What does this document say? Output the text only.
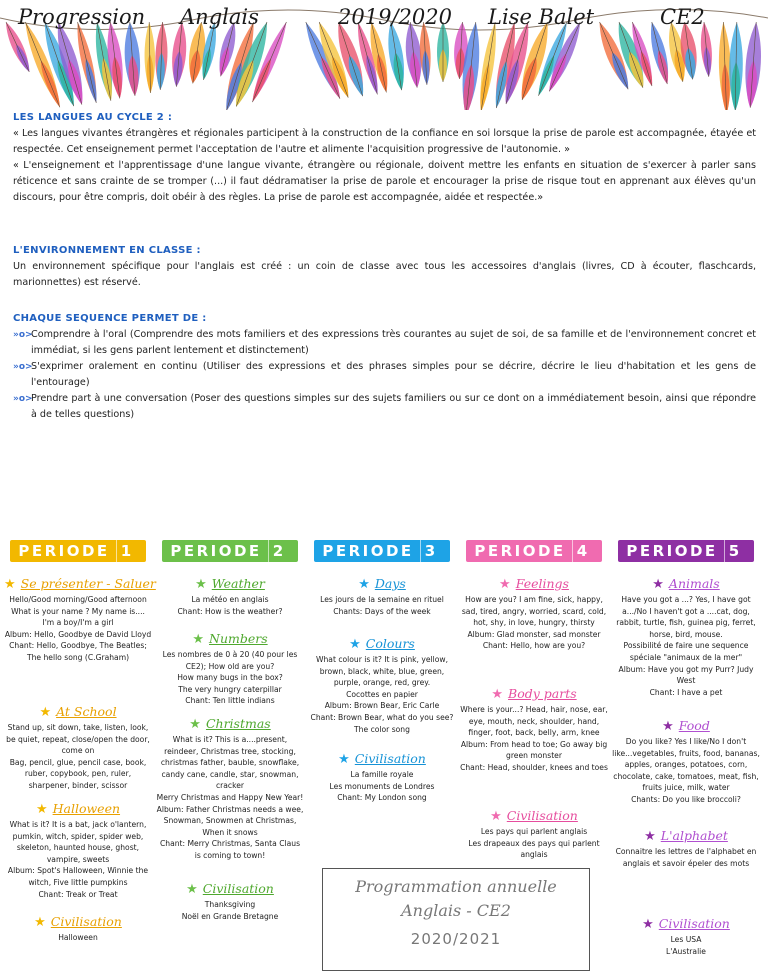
Progression Anglais	2019/2020 Lise Balet	CE2
LES LANGUES AU CYCLE 2 :

« Les langues vivantes étrangères et régionales participent à la construction de la confiance en soi lorsque la prise de parole est accompagnée, étayée et respectée. Cet enseignement permet l'acceptation de l'autre et alimente l'acquisition progressive de l'autonomie. »

« L'enseignement et l'apprentissage d'une langue vivante, étrangère ou régionale, doivent mettre les enfants en situation de s'exercer à parler sans réticence et sans crainte de se tromper (...) il faut dédramatiser la prise de parole et encourager la prise de risque tout en apprenant aux élèves qu'un discours, pour être compris, doit obéir à des règles. La prise de parole est accompagnée, aidée et respectée.»

L'ENVIRONNEMENT EN CLASSE :

Un environnement spécifique pour l'anglais est créé : un coin de classe avec tous les accessoires d'anglais (livres, CD à écouter, flaschcards, marionnettes) est réservé.

CHAQUE SEQUENCE PERMET DE :
»o>
Comprendre à l'oral (Comprendre des mots familiers et des expressions très courantes au sujet de soi, de sa famille et de l'environnement concret et immédiat, si les gens parlent lentement et distinctement)
»o>
S'exprimer oralement en continu (Utiliser des expressions et des phrases simples pour se décrire, décrire le lieu d'habitation et les gens de l'entourage)
»o>
Prendre part à une conversation (Poser des questions simples sur des sujets familiers ou sur ce dont on a immédiatement besoin, ainsi que répondre à de telles questions)
PERIODE 1
★ Se présenter - Saluer
Hello/Good morning/Good afternoon
What is your name ? My name is....
I'm a boy/I'm a girl
Album: Hello, Goodbye de David Lloyd
Chant: Hello, Goodbye, The Beatles; The hello song (C.Graham)
★ At School
Stand up, sit down, take, listen, look, be quiet, repeat, close/open the door, come on
Bag, pencil, glue, pencil case, book, ruber, copybook, pen, ruler, sharpener, binder, scissor
★ Halloween
What is it? It is a bat, jack o'lantern, pumkin, witch, spider, spider web, skeleton, haunted house, ghost, vampire, sweets
Album: Spot's Halloween, Winnie the witch, Five little pumpkins
Chant: Treak or Treat
★ Civilisation
Halloween
PERIODE 2
★ Weather
La météo en anglais
Chant: How is the weather?
★ Numbers
Les nombres de 0 à 20 (40 pour les CE2); How old are you?
How many bugs in the box?
The very hungry caterpillar
Chant: Ten little indians
★ Christmas
What is it? This is a....present, reindeer, Christmas tree, stocking, christmas father, bauble, snowflake, candy cane, candle, star, snowman, cracker
Merry Christmas and Happy New Year!
Album: Father Christmas needs a wee, Snowman, Snowmen at Christmas, When it snows
Chant: Merry Christmas, Santa Claus is coming to town!
★ Civilisation
Thanksgiving
Noël en Grande Bretagne
PERIODE 3
★ Days
Les jours de la semaine en rituel
Chants: Days of the week
★ Colours
What colour is it? It is pink, yellow, brown, black, white, blue, green, purple, orange, red, grey.
Cocottes en papier
Album: Brown Bear, Eric Carle
Chant: Brown Bear, what do you see? The color song
★ Civilisation
La famille royale
Les monuments de Londres
Chant: My London song
PERIODE 4
★ Feelings
How are you? I am fine, sick, happy, sad, tired, angry, worried, scard, cold, hot, shy, in love, hungry, thirsty
Album: Glad monster, sad monster
Chant: Hello, how are you?
★ Body parts
Where is your...? Head, hair, nose, ear, eye, mouth, neck, shoulder, hand, finger, foot, back, belly, arm, knee
Album: From head to toe; Go away big green monster
Chant: Head, shoulder, knees and toes
★ Civilisation
Les pays qui parlent anglais
Les drapeaux des pays qui parlent anglais
PERIODE 5
★ Animals
Have you got a ...? Yes, I have got a.../No I haven't got a ....cat, dog, rabbit, turtle, fish, guinea pig, ferret, horse, bird, mouse.
Possibilité de faire une sequence spéciale "animaux de la mer"
Album: Have you got my Purr? Judy West
Chant: I have a pet
★ Food
Do you like? Yes I like/No I don't like...vegetables, fruits, food, bananas, apples, oranges, potatoes, corn, chocolate, cake, tomatoes, meat, fish, fruits juice, milk, water
Chants: Do you like broccoli?
★ L'alphabet
Connaitre les lettres de l'alphabet en anglais et savoir épeler des mots
★ Civilisation
Les USA
L'Australie
Programmation annuelle
Anglais - CE2
2020/2021
